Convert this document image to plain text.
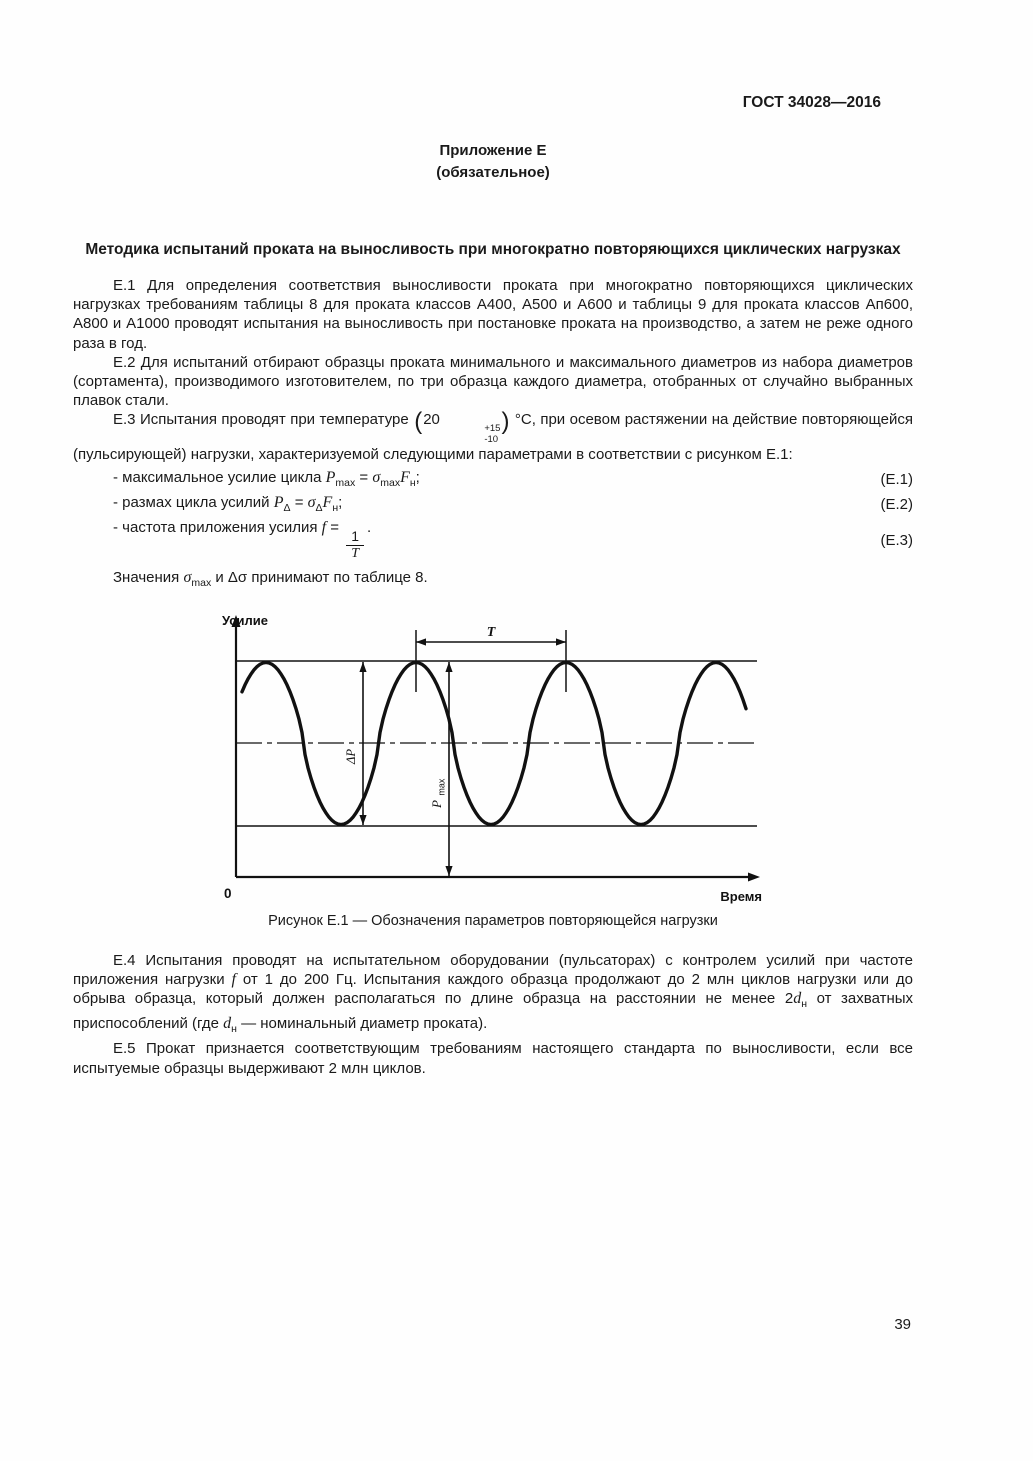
ГОСТ 34028—2016
Приложение Е
(обязательное)
Методика испытаний проката на выносливость при многократно повторяющихся циклических нагрузках

Е.1 Для определения соответствия выносливости проката при многократно повторяющихся циклических нагрузках требованиям таблицы 8 для проката классов А400, А500 и А600 и таблицы 9 для проката классов Ап600, А800 и А1000 проводят испытания на выносливость при постановке проката на производство, а затем не реже одного раза в год.

Е.2 Для испытаний отбирают образцы проката минимального и максимального диаметров из набора диаметров (сортамента), производимого изготовителем, по три образца каждого диаметра, отобранных от случайно выбранных плавок стали.

Е.3 Испытания проводят при температуре (20
+15
-10
) °С, при осевом растяжении на действие повторяющейся (пульсирующей) нагрузки, характеризуемой следующими параметрами в соответствии с рисунком Е.1:

- максимальное усилие цикла $P_{max} = \sigma_{max}F_н$;	(Е.1)
- размах цикла усилий $P_\Delta = \sigma_\Delta F_н$;	(Е.2)
- частота приложения усилия f =
$\frac{1}{T}$
.
(Е.3)

Значения $\sigma_{max}$ и Δσ принимают по таблице 8.

T
ΔP
P $_{max}$
Усилие
Время
0
Рисунок Е.1 — Обозначения параметров повторяющейся нагрузки

Е.4 Испытания проводят на испытательном оборудовании (пульсаторах) с контролем усилий при частоте приложения нагрузки f от 1 до 200 Гц. Испытания каждого образца продолжают до 2 млн циклов нагрузки или до обрыва образца, который должен располагаться по длине образца на расстоянии не менее $2d_н$ от захватных приспособлений (где $d_н$ — номинальный диаметр проката).

Е.5 Прокат признается соответствующим требованиям настоящего стандарта по выносливости, если все испытуемые образцы выдерживают 2 млн циклов.

39
